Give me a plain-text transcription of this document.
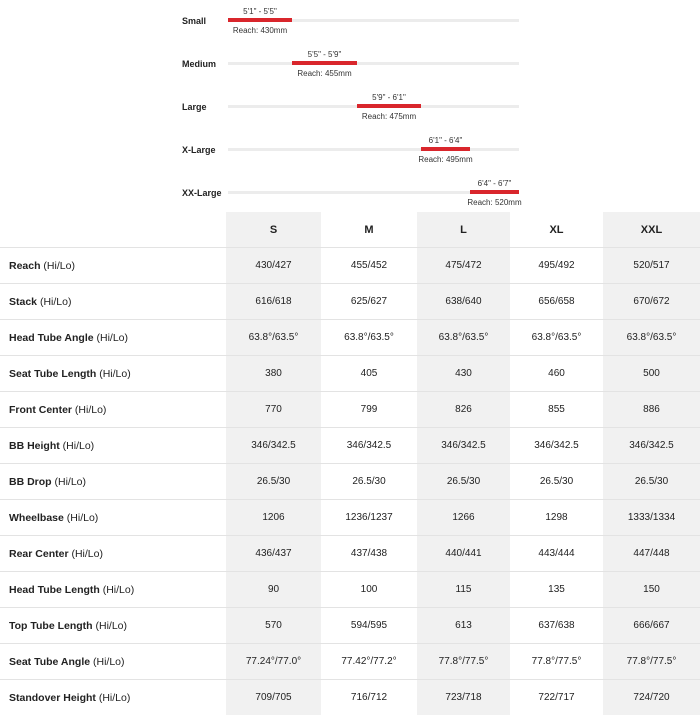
Small
5'1" - 5'5"
Reach: 430mm
Medium
5'5" - 5'9"
Reach: 455mm
Large
5'9" - 6'1"
Reach: 475mm
X-Large
6'1" - 6'4"
Reach: 495mm
XX-Large
6'4" - 6'7"
Reach: 520mm
	S	M	L	XL	XXL
Reach (Hi/Lo)	430/427	455/452	475/472	495/492	520/517
Stack (Hi/Lo)	616/618	625/627	638/640	656/658	670/672
Head Tube Angle (Hi/Lo)	63.8°/63.5°	63.8°/63.5°	63.8°/63.5°	63.8°/63.5°	63.8°/63.5°
Seat Tube Length (Hi/Lo)	380	405	430	460	500
Front Center (Hi/Lo)	770	799	826	855	886
BB Height (Hi/Lo)	346/342.5	346/342.5	346/342.5	346/342.5	346/342.5
BB Drop (Hi/Lo)	26.5/30	26.5/30	26.5/30	26.5/30	26.5/30
Wheelbase (Hi/Lo)	1206	1236/1237	1266	1298	1333/1334
Rear Center (Hi/Lo)	436/437	437/438	440/441	443/444	447/448
Head Tube Length (Hi/Lo)	90	100	115	135	150
Top Tube Length (Hi/Lo)	570	594/595	613	637/638	666/667
Seat Tube Angle (Hi/Lo)	77.24°/77.0°	77.42°/77.2°	77.8°/77.5°	77.8°/77.5°	77.8°/77.5°
Standover Height (Hi/Lo)	709/705	716/712	723/718	722/717	724/720
